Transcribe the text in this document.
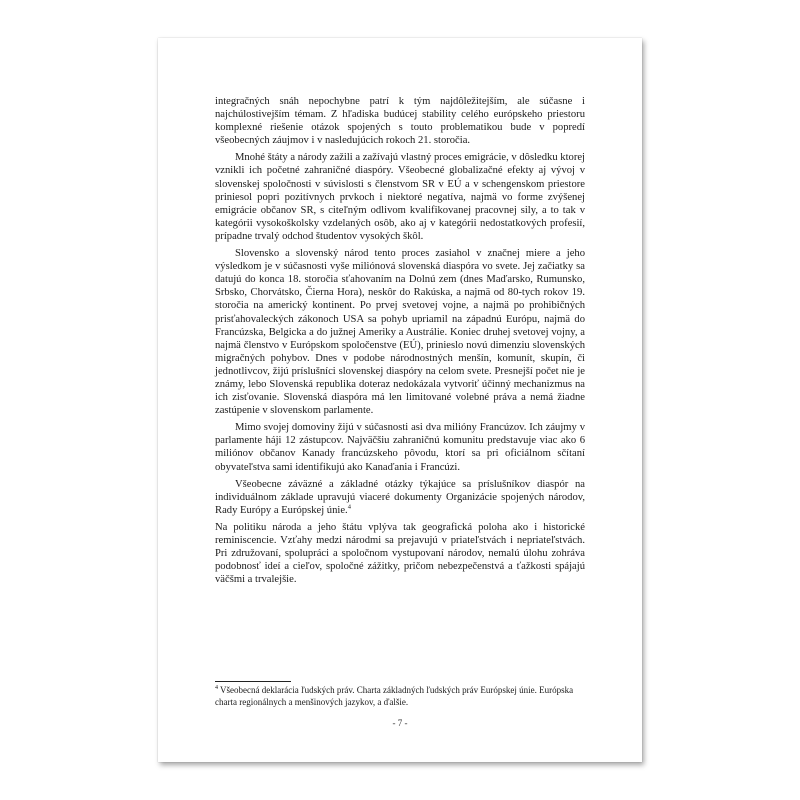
integračných snáh nepochybne patrí k tým najdôležitejším, ale súčasne i najchúlostivejším témam. Z hľadiska budúcej stability celého európskeho priestoru komplexné riešenie otázok spojených s touto problematikou bude v popredí všeobecných záujmov i v nasledujúcich rokoch 21. storočia.

Mnohé štáty a národy zažili a zažívajú vlastný proces emigrácie, v dôsledku ktorej vznikli ich početné zahraničné diaspóry. Všeobecné globalizačné efekty aj vývoj v slovenskej spoločnosti v súvislosti s členstvom SR v EÚ a v schengenskom priestore priniesol popri pozitívnych prvkoch i niektoré negatíva, najmä vo forme zvýšenej emigrácie občanov SR, s citeľným odlivom kvalifikovanej pracovnej sily, a to tak v kategórii vysokoškolsky vzdelaných osôb, ako aj v kategórii nedostatkových profesií, prípadne trvalý odchod študentov vysokých škôl.

Slovensko a slovenský národ tento proces zasiahol v značnej miere a jeho výsledkom je v súčasnosti vyše miliónová slovenská diaspóra vo svete. Jej začiatky sa datujú do konca 18. storočia sťahovaním na Dolnú zem (dnes Maďarsko, Rumunsko, Srbsko, Chorvátsko, Čierna Hora), neskôr do Rakúska, a najmä od 80-tych rokov 19. storočia na americký kontinent. Po prvej svetovej vojne, a najmä po prohibičných prisťahovaleckých zákonoch USA sa pohyb upriamil na západnú Európu, najmä do Francúzska, Belgicka a do južnej Ameriky a Austrálie. Koniec druhej svetovej vojny, a najmä členstvo v Európskom spoločenstve (EÚ), prinieslo novú dimenziu slovenských migračných pohybov. Dnes v podobe národnostných menšín, komunít, skupín, či jednotlivcov, žijú príslušníci slovenskej diaspóry na celom svete. Presnejší počet nie je známy, lebo Slovenská republika doteraz nedokázala vytvoriť účinný mechanizmus na ich zisťovanie. Slovenská diaspóra má len limitované volebné práva a nemá žiadne zastúpenie v slovenskom parlamente.

Mimo svojej domoviny žijú v súčasnosti asi dva milióny Francúzov. Ich záujmy v parlamente háji 12 zástupcov. Najväčšiu zahraničnú komunitu predstavuje viac ako 6 miliónov občanov Kanady francúzskeho pôvodu, ktorí sa pri oficiálnom sčítaní obyvateľstva sami identifikujú ako Kanaďania i Francúzi.

Všeobecne záväzné a základné otázky týkajúce sa príslušníkov diaspór na individuálnom základe upravujú viaceré dokumenty Organizácie spojených národov, Rady Európy a Európskej únie.$^4$

Na politiku národa a jeho štátu vplýva tak geografická poloha ako i historické reminiscencie. Vzťahy medzi národmi sa prejavujú v priateľstvách i nepriateľstvách. Pri združovaní, spolupráci a spoločnom vystupovaní národov, nemalú úlohu zohráva podobnosť ideí a cieľov, spoločné zážitky, pričom nebezpečenstvá a ťažkosti spájajú väčšmi a trvalejšie.

$^4$ Všeobecná deklarácia ľudských práv. Charta základných ľudských práv Európskej únie. Európska charta regionálnych a menšinových jazykov, a ďalšie.
- 7 -
